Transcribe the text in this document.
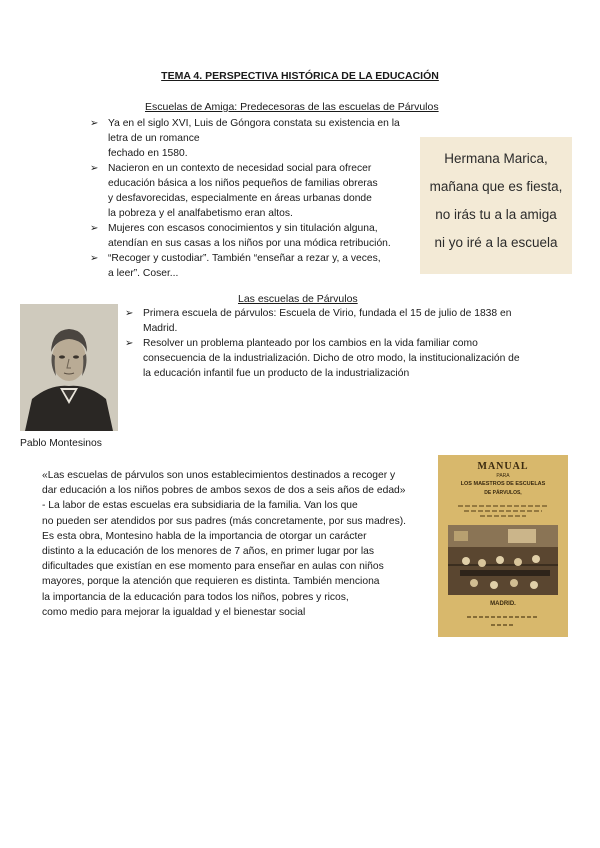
TEMA 4. PERSPECTIVA HISTÓRICA DE LA EDUCACIÓN
Escuelas de Amiga: Predecesoras de las escuelas de Párvulos
➢ Ya en el siglo XVI, Luis de Góngora constata su existencia en la letra de un romance
fechado en 1580.
➢ Nacieron en un contexto de necesidad social para ofrecer
educación básica a los niños pequeños de familias obreras
y desfavorecidas, especialmente en áreas urbanas donde
la pobreza y el analfabetismo eran altos.
➢ Mujeres con escasos conocimientos y sin titulación alguna,
atendían en sus casas a los niños por una módica retribución.
➢ “Recoger y custodiar”. También “enseñar a rezar y, a veces,
a leer”. Coser...
Hermana Marica,
mañana que es fiesta,
no irás tu a la amiga
ni yo iré a la escuela
Las escuelas de Párvulos
➢ Primera escuela de párvulos: Escuela de Virio, fundada el 15 de julio de 1838 en
Madrid.
➢ Resolver un problema planteado por los cambios en la vida familiar como
consecuencia de la industrialización. Dicho de otro modo, la institucionalización de
la educación infantil fue un producto de la industrialización
Pablo Montesinos

«Las escuelas de párvulos son unos establecimientos destinados a recoger y

dar educación a los niños pobres de ambos sexos de dos a seis años de edad»

- La labor de estas escuelas era subsidiaria de la familia. Van los que

no pueden ser atendidos por sus padres (más concretamente, por sus madres).

Es esta obra, Montesino habla de la importancia de otorgar un carácter

distinto a la educación de los menores de 7 años, en primer lugar por las

dificultades que existían en ese momento para enseñar en aulas con niños

mayores, porque la atención que requieren es distinta. También menciona

la importancia de la educación para todos los niños, pobres y ricos,

como medio para mejorar la igualdad y el bienestar social

MANUAL
PARA
LOS MAESTROS DE ESCUELAS
DE PÁRVULOS,
MADRID.
